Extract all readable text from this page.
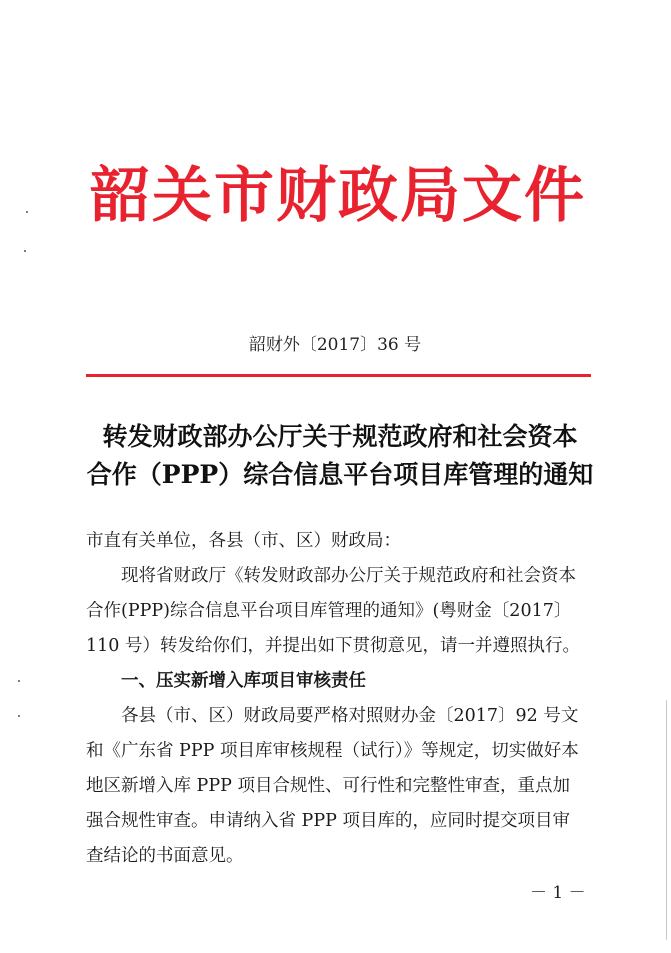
韶关市财政局文件
韶财外〔2017〕36 号
转发财政部办公厅关于规范政府和社会资本
合作（PPP）综合信息平台项目库管理的通知

市直有关单位，各县（市、区）财政局：

现将省财政厅《转发财政部办公厅关于规范政府和社会资本合作(PPP)综合信息平台项目库管理的通知》(粤财金〔2017〕110 号）转发给你们，并提出如下贯彻意见，请一并遵照执行。

一、压实新增入库项目审核责任

各县（市、区）财政局要严格对照财办金〔2017〕92 号文和《广东省 PPP 项目库审核规程（试行）》等规定，切实做好本地区新增入库 PPP 项目合规性、可行性和完整性审查，重点加强合规性审查。申请纳入省 PPP 项目库的，应同时提交项目审查结论的书面意见。

－ 1 －
